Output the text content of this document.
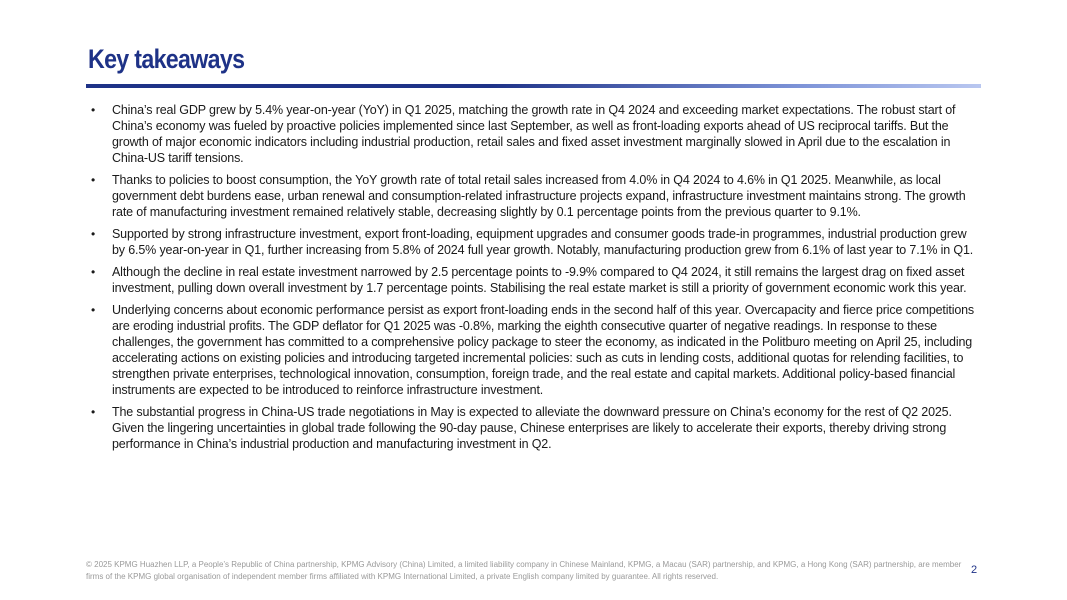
Key takeaways
• China’s real GDP grew by 5.4% year-on-year (YoY) in Q1 2025, matching the growth rate in Q4 2024 and exceeding market expectations. The robust start of China’s economy was fueled by proactive policies implemented since last September, as well as front-loading exports ahead of US reciprocal tariffs. But the growth of major economic indicators including industrial production, retail sales and fixed asset investment marginally slowed in April due to the escalation in China-US tariff tensions.
• Thanks to policies to boost consumption, the YoY growth rate of total retail sales increased from 4.0% in Q4 2024 to 4.6% in Q1 2025. Meanwhile, as local government debt burdens ease, urban renewal and consumption-related infrastructure projects expand, infrastructure investment maintains strong. The growth rate of manufacturing investment remained relatively stable, decreasing slightly by 0.1 percentage points from the previous quarter to 9.1%.
• Supported by strong infrastructure investment, export front-loading, equipment upgrades and consumer goods trade-in programmes, industrial production grew by 6.5% year-on-year in Q1, further increasing from 5.8% of 2024 full year growth. Notably, manufacturing production grew from 6.1% of last year to 7.1% in Q1.
• Although the decline in real estate investment narrowed by 2.5 percentage points to -9.9% compared to Q4 2024, it still remains the largest drag on fixed asset investment, pulling down overall investment by 1.7 percentage points. Stabilising the real estate market is still a priority of government economic work this year.
• Underlying concerns about economic performance persist as export front-loading ends in the second half of this year. Overcapacity and fierce price competitions are eroding industrial profits. The GDP deflator for Q1 2025 was -0.8%, marking the eighth consecutive quarter of negative readings. In response to these challenges, the government has committed to a comprehensive policy package to steer the economy, as indicated in the Politburo meeting on April 25, including accelerating actions on existing policies and introducing targeted incremental policies: such as cuts in lending costs, additional quotas for relending facilities, to strengthen private enterprises, technological innovation, consumption, foreign trade, and the real estate and capital markets. Additional policy-based financial instruments are expected to be introduced to reinforce infrastructure investment.
• The substantial progress in China-US trade negotiations in May is expected to alleviate the downward pressure on China’s economy for the rest of Q2 2025. Given the lingering uncertainties in global trade following the 90-day pause, Chinese enterprises are likely to accelerate their exports, thereby driving strong performance in China’s industrial production and manufacturing investment in Q2.

© 2025 KPMG Huazhen LLP, a People’s Republic of China partnership, KPMG Advisory (China) Limited, a limited liability company in Chinese Mainland, KPMG, a Macau (SAR) partnership, and KPMG, a Hong Kong (SAR) partnership, are member firms of the KPMG global organisation of independent member firms affiliated with KPMG International Limited, a private English company limited by guarantee. All rights reserved.

2
